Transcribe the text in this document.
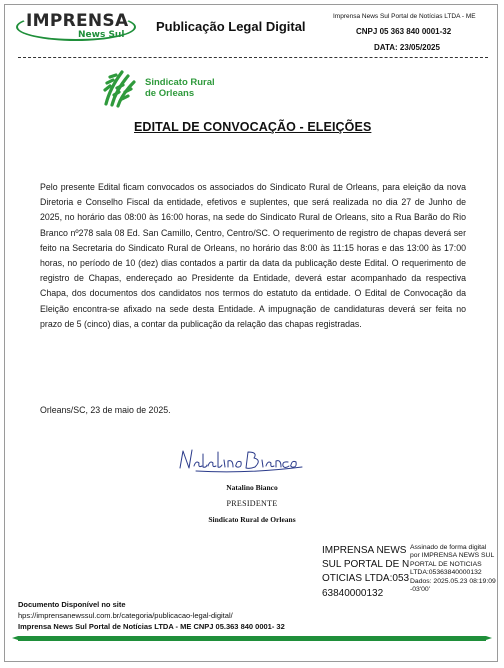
IMPRENSA
News Sul
Publicação Legal Digital
Imprensa News Sul Portal de Notícias LTDA - ME
CNPJ 05 363 840 0001-32
DATA: 23/05/2025
Sindicato Rural
de Orleans
EDITAL DE CONVOCAÇÃO - ELEIÇÕES
Pelo presente Edital ficam convocados os associados do Sindicato Rural de Orleans, para eleição da nova Diretoria e Conselho Fiscal da entidade, efetivos e suplentes, que será realizada no dia 27 de Junho de 2025, no horário das 08:00 às 16:00 horas, na sede do Sindicato Rural de Orleans, sito a Rua Barão do Rio Branco nº278 sala 08 Ed. San Camillo, Centro, Centro/SC. O requerimento de registro de chapas deverá ser feito na Secretaria do Sindicato Rural de Orleans, no horário das 8:00 às 11:15 horas e das 13:00 às 17:00 horas, no período de 10 (dez) dias contados a partir da data da publicação deste Edital. O requerimento de registro de Chapas, endereçado ao Presidente da Entidade, deverá estar acompanhado da respectiva Chapa, dos documentos dos candidatos nos termos do estatuto da entidade. O Edital de Convocação da Eleição encontra-se afixado na sede desta Entidade. A impugnação de candidaturas deverá ser feita no prazo de 5 (cinco) dias, a contar da publicação da relação das chapas registradas.
Orleans/SC, 23 de maio de 2025.
Natalino Bianco
PRESIDENTE
Sindicato Rural de Orleans
IMPRENSA NEWS SUL PORTAL DE NOTICIAS LTDA:05363840000132
Assinado de forma digital por IMPRENSA NEWS SUL PORTAL DE NOTICIAS LTDA:05363840000132 Dados: 2025.05.23 08:19:09 -03'00'
Documento Disponível no site
hps://imprensanewssul.com.br/categoria/publicacao-legal-digital/
Imprensa News Sul Portal de Notícias LTDA - ME CNPJ 05.363 840 0001- 32
